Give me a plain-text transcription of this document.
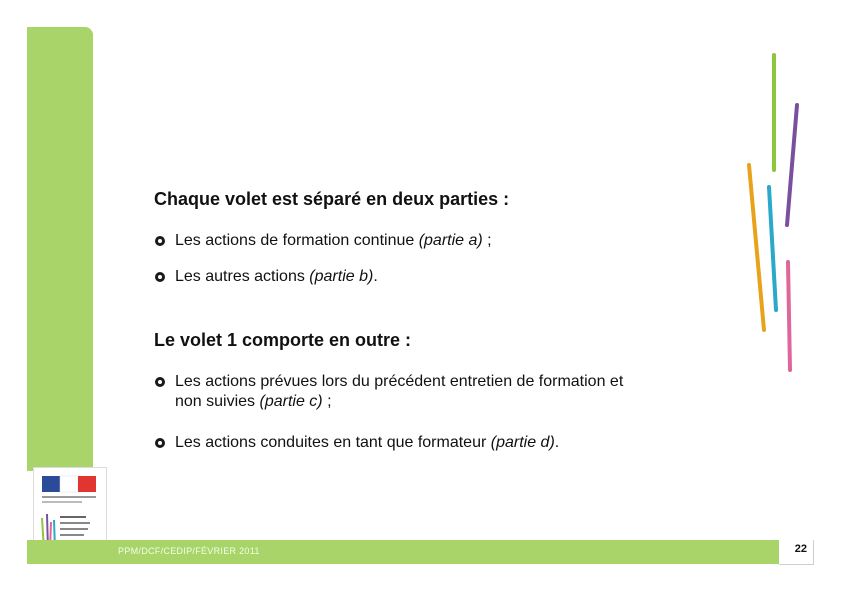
Chaque volet est séparé en deux parties :
Les actions de formation continue (partie a) ;
Les autres actions (partie b).
Le volet 1 comporte en outre :
Les actions prévues lors du précédent entretien de formation et
non suivies (partie c) ;
Les actions conduites en tant que formateur (partie d).
PPM/DCF/CEDIP/FÉVRIER 2011	22
